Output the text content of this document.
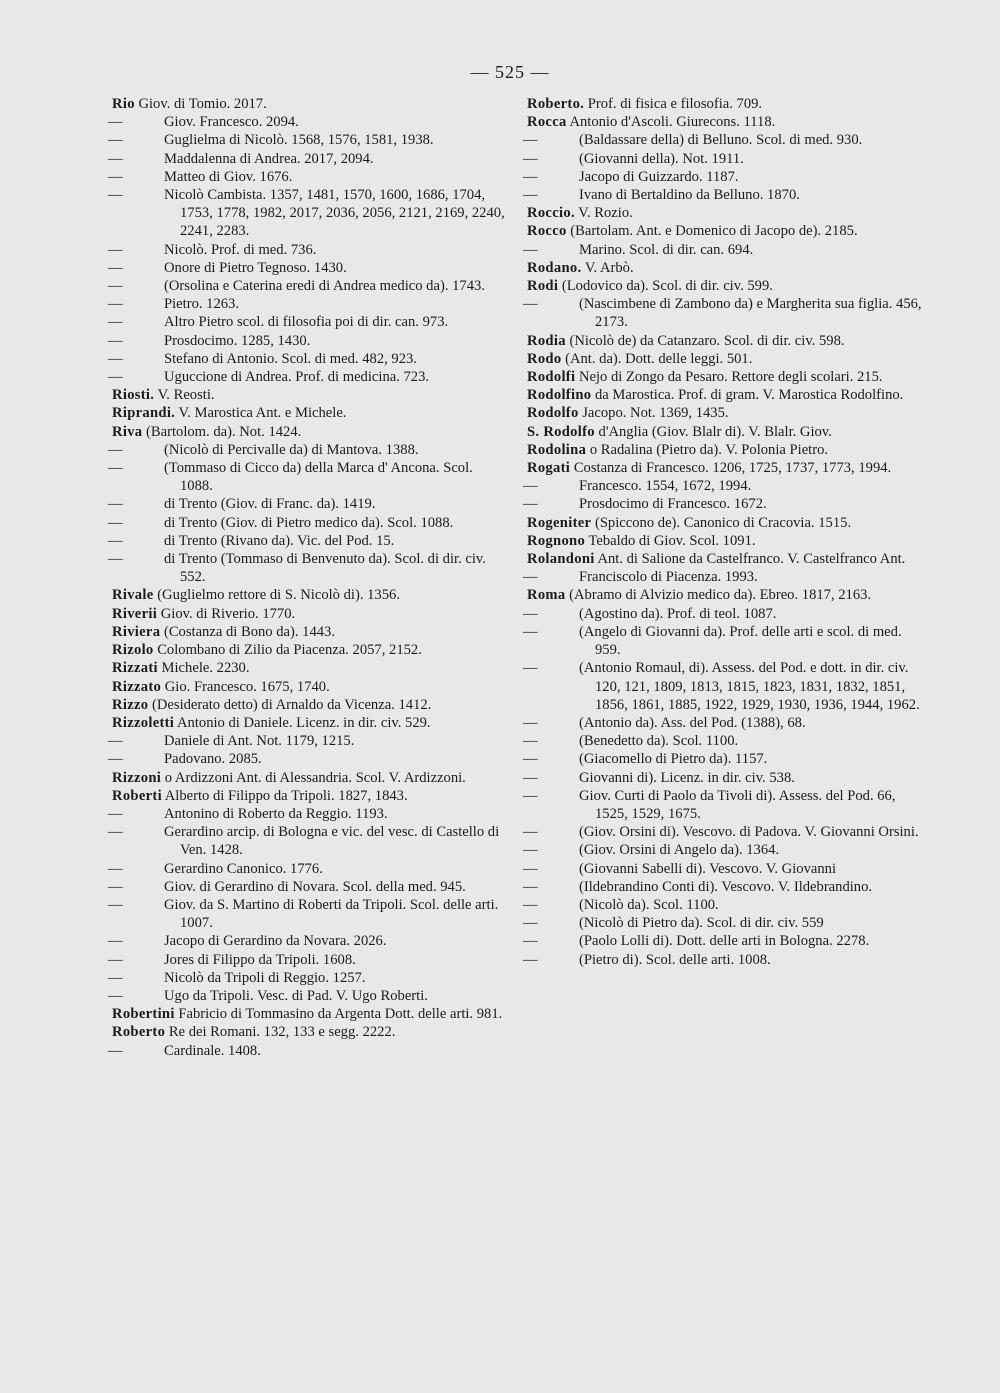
— 525 —
Rio Giov. di Tomio. 2017.
—	Giov. Francesco. 2094.
—	Guglielma di Nicolò. 1568, 1576, 1581, 1938.
—	Maddalenna di Andrea. 2017, 2094.
—	Matteo di Giov. 1676.
—	Nicolò Cambista. 1357, 1481, 1570, 1600, 1686, 1704, 1753, 1778, 1982, 2017, 2036, 2056, 2121, 2169, 2240, 2241, 2283.
—	Nicolò. Prof. di med. 736.
—	Onore di Pietro Tegnoso. 1430.
—	(Orsolina e Caterina eredi di Andrea medico da). 1743.
—	Pietro. 1263.
—	Altro Pietro scol. di filosofia poi di dir. can. 973.
—	Prosdocimo. 1285, 1430.
—	Stefano di Antonio. Scol. di med. 482, 923.
—	Uguccione di Andrea. Prof. di medicina. 723.
Riosti. V. Reosti.
Riprandi. V. Marostica Ant. e Michele.
Riva (Bartolom. da). Not. 1424.
—	(Nicolò di Percivalle da) di Mantova. 1388.
—	(Tommaso di Cicco da) della Marca d' Ancona. Scol. 1088.
—	di Trento (Giov. di Franc. da). 1419.
—	di Trento (Giov. di Pietro medico da). Scol. 1088.
—	di Trento (Rivano da). Vic. del Pod. 15.
—	di Trento (Tommaso di Benvenuto da). Scol. di dir. civ. 552.
Rivale (Guglielmo rettore di S. Nicolò di). 1356.
Riverii Giov. di Riverio. 1770.
Riviera (Costanza di Bono da). 1443.
Rizolo Colombano di Zilio da Piacenza. 2057, 2152.
Rizzati Michele. 2230.
Rizzato Gio. Francesco. 1675, 1740.
Rizzo (Desiderato detto) di Arnaldo da Vicenza. 1412.
Rizzoletti Antonio di Daniele. Licenz. in dir. civ. 529.
—	Daniele di Ant. Not. 1179, 1215.
—	Padovano. 2085.
Rizzoni o Ardizzoni Ant. di Alessandria. Scol. V. Ardizzoni.
Roberti Alberto di Filippo da Tripoli. 1827, 1843.
—	Antonino di Roberto da Reggio. 1193.
—	Gerardino arcip. di Bologna e vic. del vesc. di Castello di Ven. 1428.
—	Gerardino Canonico. 1776.
—	Giov. di Gerardino di Novara. Scol. della med. 945.
—	Giov. da S. Martino di Roberti da Tripoli. Scol. delle arti. 1007.
—	Jacopo di Gerardino da Novara. 2026.
—	Jores di Filippo da Tripoli. 1608.
—	Nicolò da Tripoli di Reggio. 1257.
—	Ugo da Tripoli. Vesc. di Pad. V. Ugo Roberti.
Robertini Fabricio di Tommasino da Argenta Dott. delle arti. 981.
Roberto Re dei Romani. 132, 133 e segg. 2222.
—	Cardinale. 1408.
Roberto. Prof. di fisica e filosofia. 709.
Rocca Antonio d'Ascoli. Giurecons. 1118.
—	(Baldassare della) di Belluno. Scol. di med. 930.
—	(Giovanni della). Not. 1911.
—	Jacopo di Guizzardo. 1187.
—	Ivano di Bertaldino da Belluno. 1870.
Roccio. V. Rozio.
Rocco (Bartolam. Ant. e Domenico di Jacopo de). 2185.
—	Marino. Scol. di dir. can. 694.
Rodano. V. Arbò.
Rodi (Lodovico da). Scol. di dir. civ. 599.
—	(Nascimbene di Zambono da) e Margherita sua figlia. 456, 2173.
Rodia (Nicolò de) da Catanzaro. Scol. di dir. civ. 598.
Rodo (Ant. da). Dott. delle leggi. 501.
Rodolfi Nejo di Zongo da Pesaro. Rettore degli scolari. 215.
Rodolfino da Marostica. Prof. di gram. V. Marostica Rodolfino.
Rodolfo Jacopo. Not. 1369, 1435.
S. Rodolfo d'Anglia (Giov. Blalr di). V. Blalr. Giov.
Rodolina o Radalina (Pietro da). V. Polonia Pietro.
Rogati Costanza di Francesco. 1206, 1725, 1737, 1773, 1994.
—	Francesco. 1554, 1672, 1994.
—	Prosdocimo di Francesco. 1672.
Rogeniter (Spiccono de). Canonico di Cracovia. 1515.
Rognono Tebaldo di Giov. Scol. 1091.
Rolandoni Ant. di Salione da Castelfranco. V. Castelfranco Ant.
—	Franciscolo di Piacenza. 1993.
Roma (Abramo di Alvizio medico da). Ebreo. 1817, 2163.
—	(Agostino da). Prof. di teol. 1087.
—	(Angelo di Giovanni da). Prof. delle arti e scol. di med. 959.
—	(Antonio Romaul, di). Assess. del Pod. e dott. in dir. civ. 120, 121, 1809, 1813, 1815, 1823, 1831, 1832, 1851, 1856, 1861, 1885, 1922, 1929, 1930, 1936, 1944, 1962.
—	(Antonio da). Ass. del Pod. (1388), 68.
—	(Benedetto da). Scol. 1100.
—	(Giacomello di Pietro da). 1157.
—	Giovanni di). Licenz. in dir. civ. 538.
—	Giov. Curti di Paolo da Tivoli di). Assess. del Pod. 66, 1525, 1529, 1675.
—	(Giov. Orsini di). Vescovo. di Padova. V. Giovanni Orsini.
—	(Giov. Orsini di Angelo da). 1364.
—	(Giovanni Sabelli di). Vescovo. V. Giovanni
—	(Ildebrandino Conti di). Vescovo. V. Ildebrandino.
—	(Nicolò da). Scol. 1100.
—	(Nicolò di Pietro da). Scol. di dir. civ. 559
—	(Paolo Lolli di). Dott. delle arti in Bologna. 2278.
—	(Pietro di). Scol. delle arti. 1008.
